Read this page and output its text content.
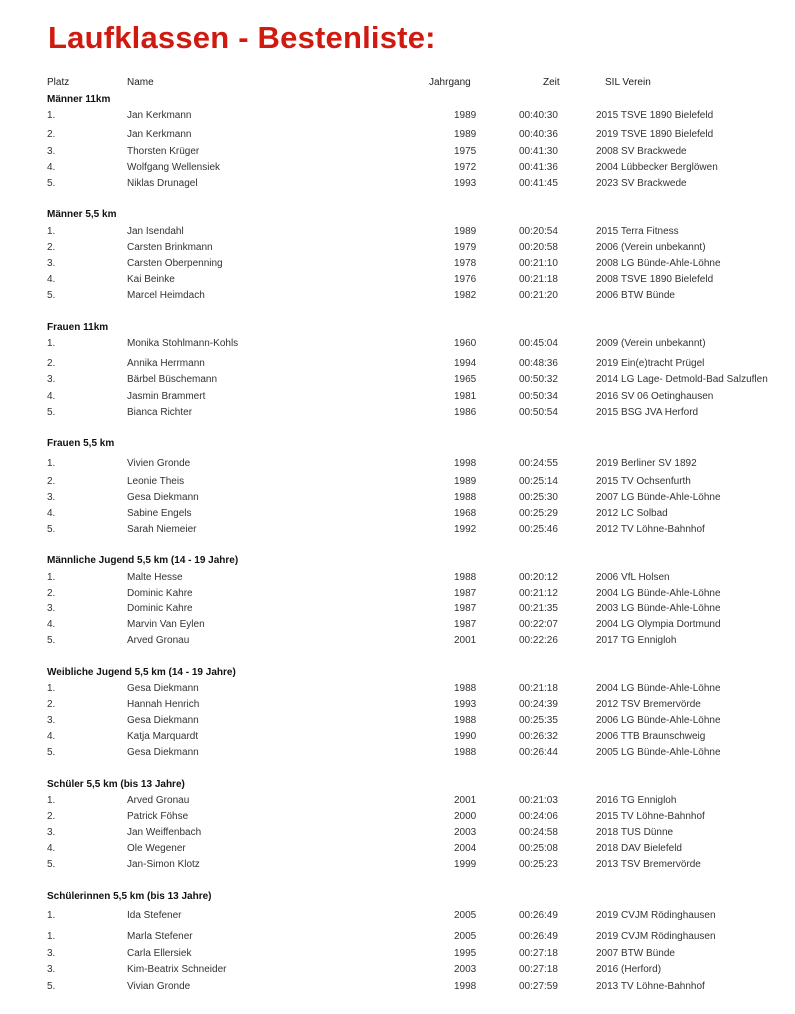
Laufklassen - Bestenliste:
Platz	Name	Jahrgang	Zeit	SIL Verein
Männer 11km
1.	Jan Kerkmann	1989	00:40:30	2015 TSVE 1890 Bielefeld
2.	Jan Kerkmann	1989	00:40:36	2019 TSVE 1890 Bielefeld
3.	Thorsten Krüger	1975	00:41:30	2008 SV Brackwede
4.	Wolfgang Wellensiek	1972	00:41:36	2004 Lübbecker Berglöwen
5.	Niklas Drunagel	1993	00:41:45	2023 SV Brackwede
Männer 5,5 km
1.	Jan Isendahl	1989	00:20:54	2015 Terra Fitness
2.	Carsten Brinkmann	1979	00:20:58	2006 (Verein unbekannt)
3.	Carsten Oberpenning	1978	00:21:10	2008 LG Bünde-Ahle-Löhne
4.	Kai Beinke	1976	00:21:18	2008 TSVE 1890 Bielefeld
5.	Marcel Heimdach	1982	00:21:20	2006 BTW Bünde
Frauen 11km
1.	Monika Stohlmann-Kohls	1960	00:45:04	2009 (Verein unbekannt)
2.	Annika Herrmann	1994	00:48:36	2019 Ein(e)tracht Prügel
3.	Bärbel Büschemann	1965	00:50:32	2014 LG Lage- Detmold-Bad Salzuflen
4.	Jasmin Brammert	1981	00:50:34	2016 SV 06 Oetinghausen
5.	Bianca Richter	1986	00:50:54	2015 BSG JVA Herford
Frauen 5,5 km
1.	Vivien Gronde	1998	00:24:55	2019 Berliner SV 1892
2.	Leonie Theis	1989	00:25:14	2015 TV Ochsenfurth
3.	Gesa Diekmann	1988	00:25:30	2007 LG Bünde-Ahle-Löhne
4.	Sabine Engels	1968	00:25:29	2012 LC Solbad
5.	Sarah Niemeier	1992	00:25:46	2012 TV Löhne-Bahnhof
Männliche Jugend 5,5 km (14 - 19 Jahre)
1.	Malte Hesse	1988	00:20:12	2006 VfL Holsen
2.	Dominic Kahre	1987	00:21:12	2004 LG Bünde-Ahle-Löhne
3.	Dominic Kahre	1987	00:21:35	2003 LG Bünde-Ahle-Löhne
4.	Marvin Van Eylen	1987	00:22:07	2004 LG Olympia Dortmund
5.	Arved Gronau	2001	00:22:26	2017 TG Ennigloh
Weibliche Jugend 5,5 km (14 - 19 Jahre)
1.	Gesa Diekmann	1988	00:21:18	2004 LG Bünde-Ahle-Löhne
2.	Hannah Henrich	1993	00:24:39	2012 TSV Bremervörde
3.	Gesa Diekmann	1988	00:25:35	2006 LG Bünde-Ahle-Löhne
4.	Katja Marquardt	1990	00:26:32	2006 TTB Braunschweig
5.	Gesa Diekmann	1988	00:26:44	2005 LG Bünde-Ahle-Löhne
Schüler 5,5 km (bis 13 Jahre)
1.	Arved Gronau	2001	00:21:03	2016 TG Ennigloh
2.	Patrick Föhse	2000	00:24:06	2015 TV Löhne-Bahnhof
3.	Jan Weiffenbach	2003	00:24:58	2018 TUS Dünne
4.	Ole Wegener	2004	00:25:08	2018 DAV Bielefeld
5.	Jan-Simon Klotz	1999	00:25:23	2013 TSV Bremervörde
Schülerinnen 5,5 km (bis 13 Jahre)
1.	Ida Stefener	2005	00:26:49	2019 CVJM Rödinghausen
1.	Marla Stefener	2005	00:26:49	2019 CVJM Rödinghausen
3.	Carla Ellersiek	1995	00:27:18	2007 BTW Bünde
3.	Kim-Beatrix Schneider	2003	00:27:18	2016 (Herford)
5.	Vivian Gronde	1998	00:27:59	2013 TV Löhne-Bahnhof
